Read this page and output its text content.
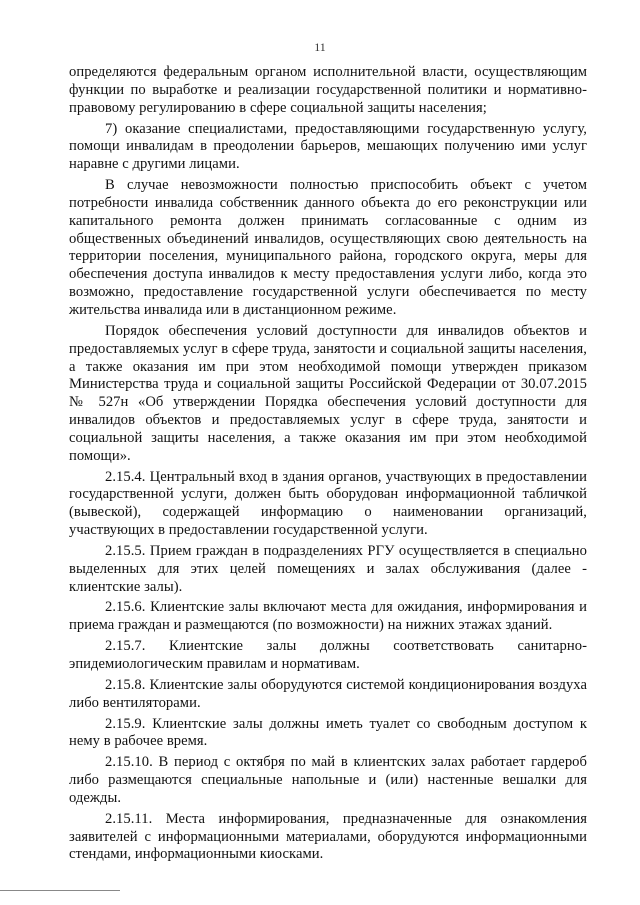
11

определяются федеральным органом исполнительной власти, осуществляющим функции по выработке и реализации государственной политики и нормативно-правовому регулированию в сфере социальной защиты населения;

7) оказание специалистами, предоставляющими государственную услугу, помощи инвалидам в преодолении барьеров, мешающих получению ими услуг наравне с другими лицами.

В случае невозможности полностью приспособить объект с учетом потребности инвалида собственник данного объекта до его реконструкции или капитального ремонта должен принимать согласованные с одним из общественных объединений инвалидов, осуществляющих свою деятельность на территории поселения, муниципального района, городского округа, меры для обеспечения доступа инвалидов к месту предоставления услуги либо, когда это возможно, предоставление государственной услуги обеспечивается по месту жительства инвалида или в дистанционном режиме.

Порядок обеспечения условий доступности для инвалидов объектов и предоставляемых услуг в сфере труда, занятости и социальной защиты населения, а также оказания им при этом необходимой помощи утвержден приказом Министерства труда и социальной защиты Российской Федерации от 30.07.2015 № 527н «Об утверждении Порядка обеспечения условий доступности для инвалидов объектов и предоставляемых услуг в сфере труда, занятости и социальной защиты населения, а также оказания им при этом необходимой помощи».

2.15.4. Центральный вход в здания органов, участвующих в предоставлении государственной услуги, должен быть оборудован информационной табличкой (вывеской), содержащей информацию о наименовании организаций, участвующих в предоставлении государственной услуги.

2.15.5. Прием граждан в подразделениях РГУ осуществляется в специально выделенных для этих целей помещениях и залах обслуживания (далее - клиентские залы).

2.15.6. Клиентские залы включают места для ожидания, информирования и приема граждан и размещаются (по возможности) на нижних этажах зданий.

2.15.7. Клиентские залы должны соответствовать санитарно-эпидемиологическим правилам и нормативам.

2.15.8. Клиентские залы оборудуются системой кондиционирования воздуха либо вентиляторами.

2.15.9. Клиентские залы должны иметь туалет со свободным доступом к нему в рабочее время.

2.15.10. В период с октября по май в клиентских залах работает гардероб либо размещаются специальные напольные и (или) настенные вешалки для одежды.

2.15.11. Места информирования, предназначенные для ознакомления заявителей с информационными материалами, оборудуются информационными стендами, информационными киосками.
